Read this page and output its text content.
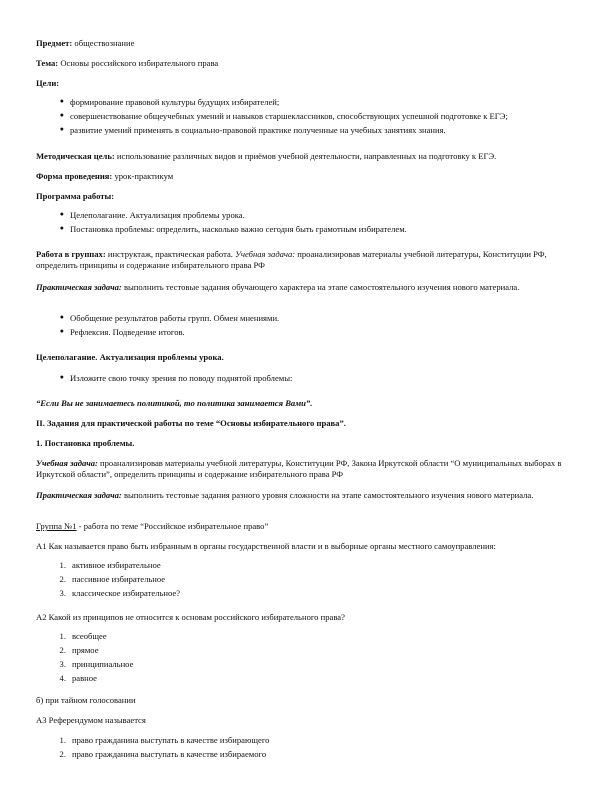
Предмет: обществознание

Тема: Основы российского избирательного права

Цели:

● формирование правовой культуры будущих избирателей;
● совершенствование общеучебных умений и навыков старшеклассников, способствующих успешной подготовке к ЕГЭ;
● развитие умений применять в социально-правовой практике полученные на учебных занятиях знания.

Методическая цель: использование различных видов и приёмов учебной деятельности, направленных на подготовку к ЕГЭ.

Форма проведения: урок-практикум

Программа работы:

● Целеполагание. Актуализация проблемы урока.
● Постановка проблемы: определить, насколько важно сегодня быть грамотным избирателем.

Работа в группах: инструктаж, практическая работа. Учебная задача: проанализировав материалы учебной литературы, Конституции РФ, определить принципы и содержание избирательного права РФ

Практическая задача: выполнить тестовые задания обучающего характера на этапе самостоятельного изучения нового материала.

● Обобщение результатов работы групп. Обмен мнениями.
● Рефлексия. Подведение итогов.

Целеполагание. Актуализация проблемы урока.

● Изложите свою точку зрения по поводу поднятой проблемы:

“Если Вы не занимаетесь политикой, то политика занимается Вами”.

II. Задания для практической работы по теме “Основы избирательного права”.

1. Постановка проблемы.

Учебная задача: проанализировав материалы учебной литературы, Конституции РФ, Закона Иркутской области “О муниципальных выборах в Иркутской области”, определить принципы и содержание избирательного права РФ

Практическая задача: выполнить тестовые задания разного уровня сложности на этапе самостоятельного изучения нового материала.

Группа №1 - работа по теме “Российское избирательное право”

А1 Как называется право быть избранным в органы государственной власти и в выборные органы местного самоуправления:

1. активное избирательное
2. пассивное избирательное
3. классическое избирательное?

А2 Какой из принципов не относится к основам российского избирательного права?

1. всеобщее
2. прямое
3. принципиальное
4. равное

б) при тайном голосовании

А3 Референдумом называется

1. право гражданина выступать в качестве избирающего
2. право гражданина выступать в качестве избираемого
